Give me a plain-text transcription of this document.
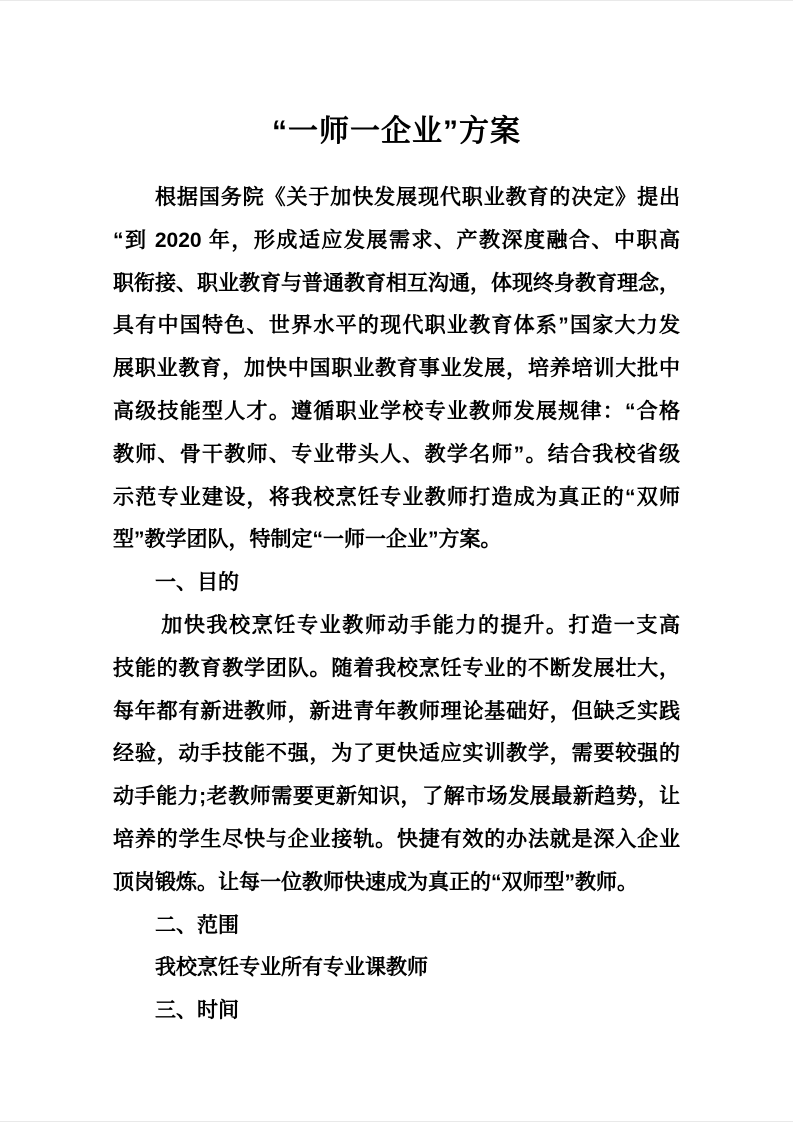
“一师一企业”方案
根据国务院《关于加快发展现代职业教育的决定》提出
“到 2020 年，形成适应发展需求、产教深度融合、中职高
职衔接、职业教育与普通教育相互沟通，体现终身教育理念，
具有中国特色、世界水平的现代职业教育体系”国家大力发
展职业教育，加快中国职业教育事业发展，培养培训大批中
高级技能型人才。遵循职业学校专业教师发展规律：“合格
教师、骨干教师、专业带头人、教学名师”。结合我校省级
示范专业建设，将我校烹饪专业教师打造成为真正的“双师
型”教学团队，特制定“一师一企业”方案。
一、目的
加快我校烹饪专业教师动手能力的提升。打造一支高
技能的教育教学团队。随着我校烹饪专业的不断发展壮大，
每年都有新进教师，新进青年教师理论基础好，但缺乏实践
经验，动手技能不强，为了更快适应实训教学，需要较强的
动手能力;老教师需要更新知识，了解市场发展最新趋势，让
培养的学生尽快与企业接轨。快捷有效的办法就是深入企业
顶岗锻炼。让每一位教师快速成为真正的“双师型”教师。
二、范围
我校烹饪专业所有专业课教师
三、时间
